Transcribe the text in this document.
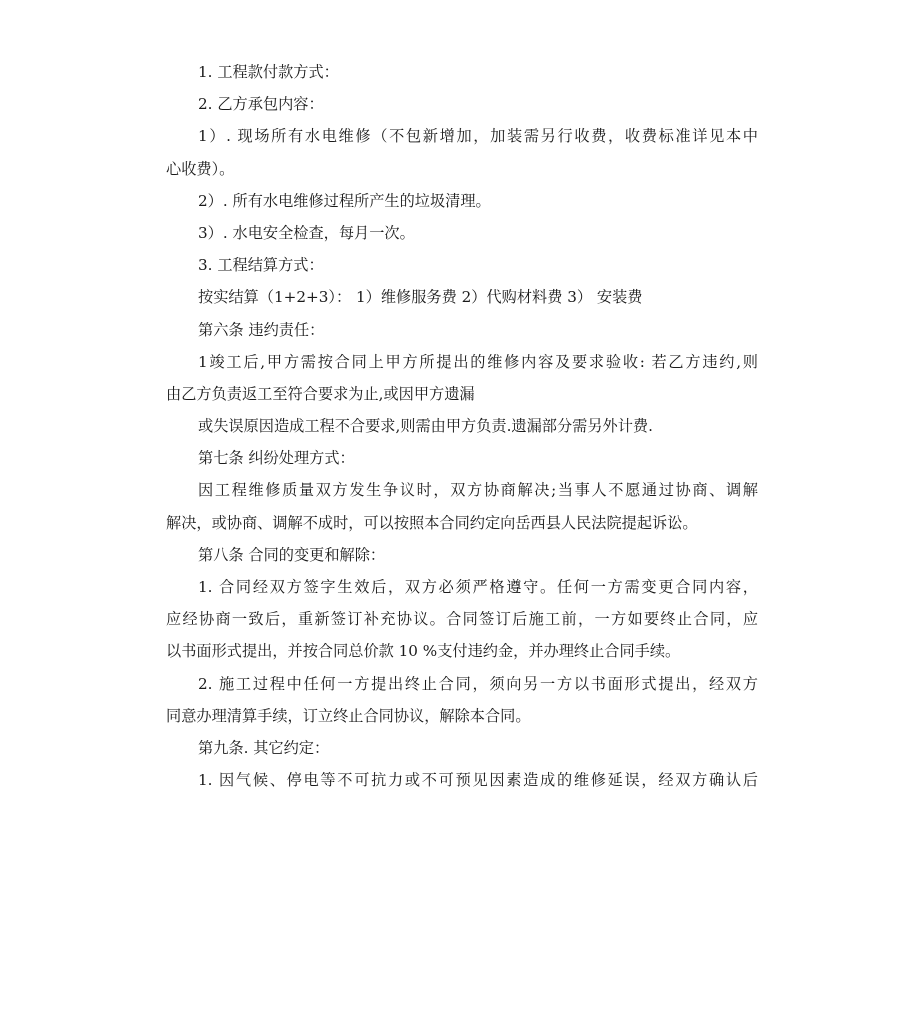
1. 工程款付款方式：

2. 乙方承包内容：

1）. 现场所有水电维修（不包新增加，加装需另行收费，收费标准详见本中

心收费）。

2）. 所有水电维修过程所产生的垃圾清理。

3）. 水电安全检查，每月一次。

3. 工程结算方式：

按实结算（1+2+3）： 1）维修服务费 2）代购材料费 3） 安装费

第六条 违约责任：

1竣工后,甲方需按合同上甲方所提出的维修内容及要求验收: 若乙方违约,则

由乙方负责返工至符合要求为止,或因甲方遗漏

或失误原因造成工程不合要求,则需由甲方负责.遗漏部分需另外计费.

第七条 纠纷处理方式：

因工程维修质量双方发生争议时，双方协商解决;当事人不愿通过协商、调解

解决，或协商、调解不成时，可以按照本合同约定向岳西县人民法院提起诉讼。

第八条 合同的变更和解除：

1. 合同经双方签字生效后，双方必须严格遵守。任何一方需变更合同内容，

应经协商一致后，重新签订补充协议。合同签订后施工前，一方如要终止合同，应

以书面形式提出，并按合同总价款 10 %支付违约金，并办理终止合同手续。

2. 施工过程中任何一方提出终止合同，须向另一方以书面形式提出，经双方

同意办理清算手续，订立终止合同协议，解除本合同。

第九条. 其它约定：

1. 因气候、停电等不可抗力或不可预见因素造成的维修延误，经双方确认后
